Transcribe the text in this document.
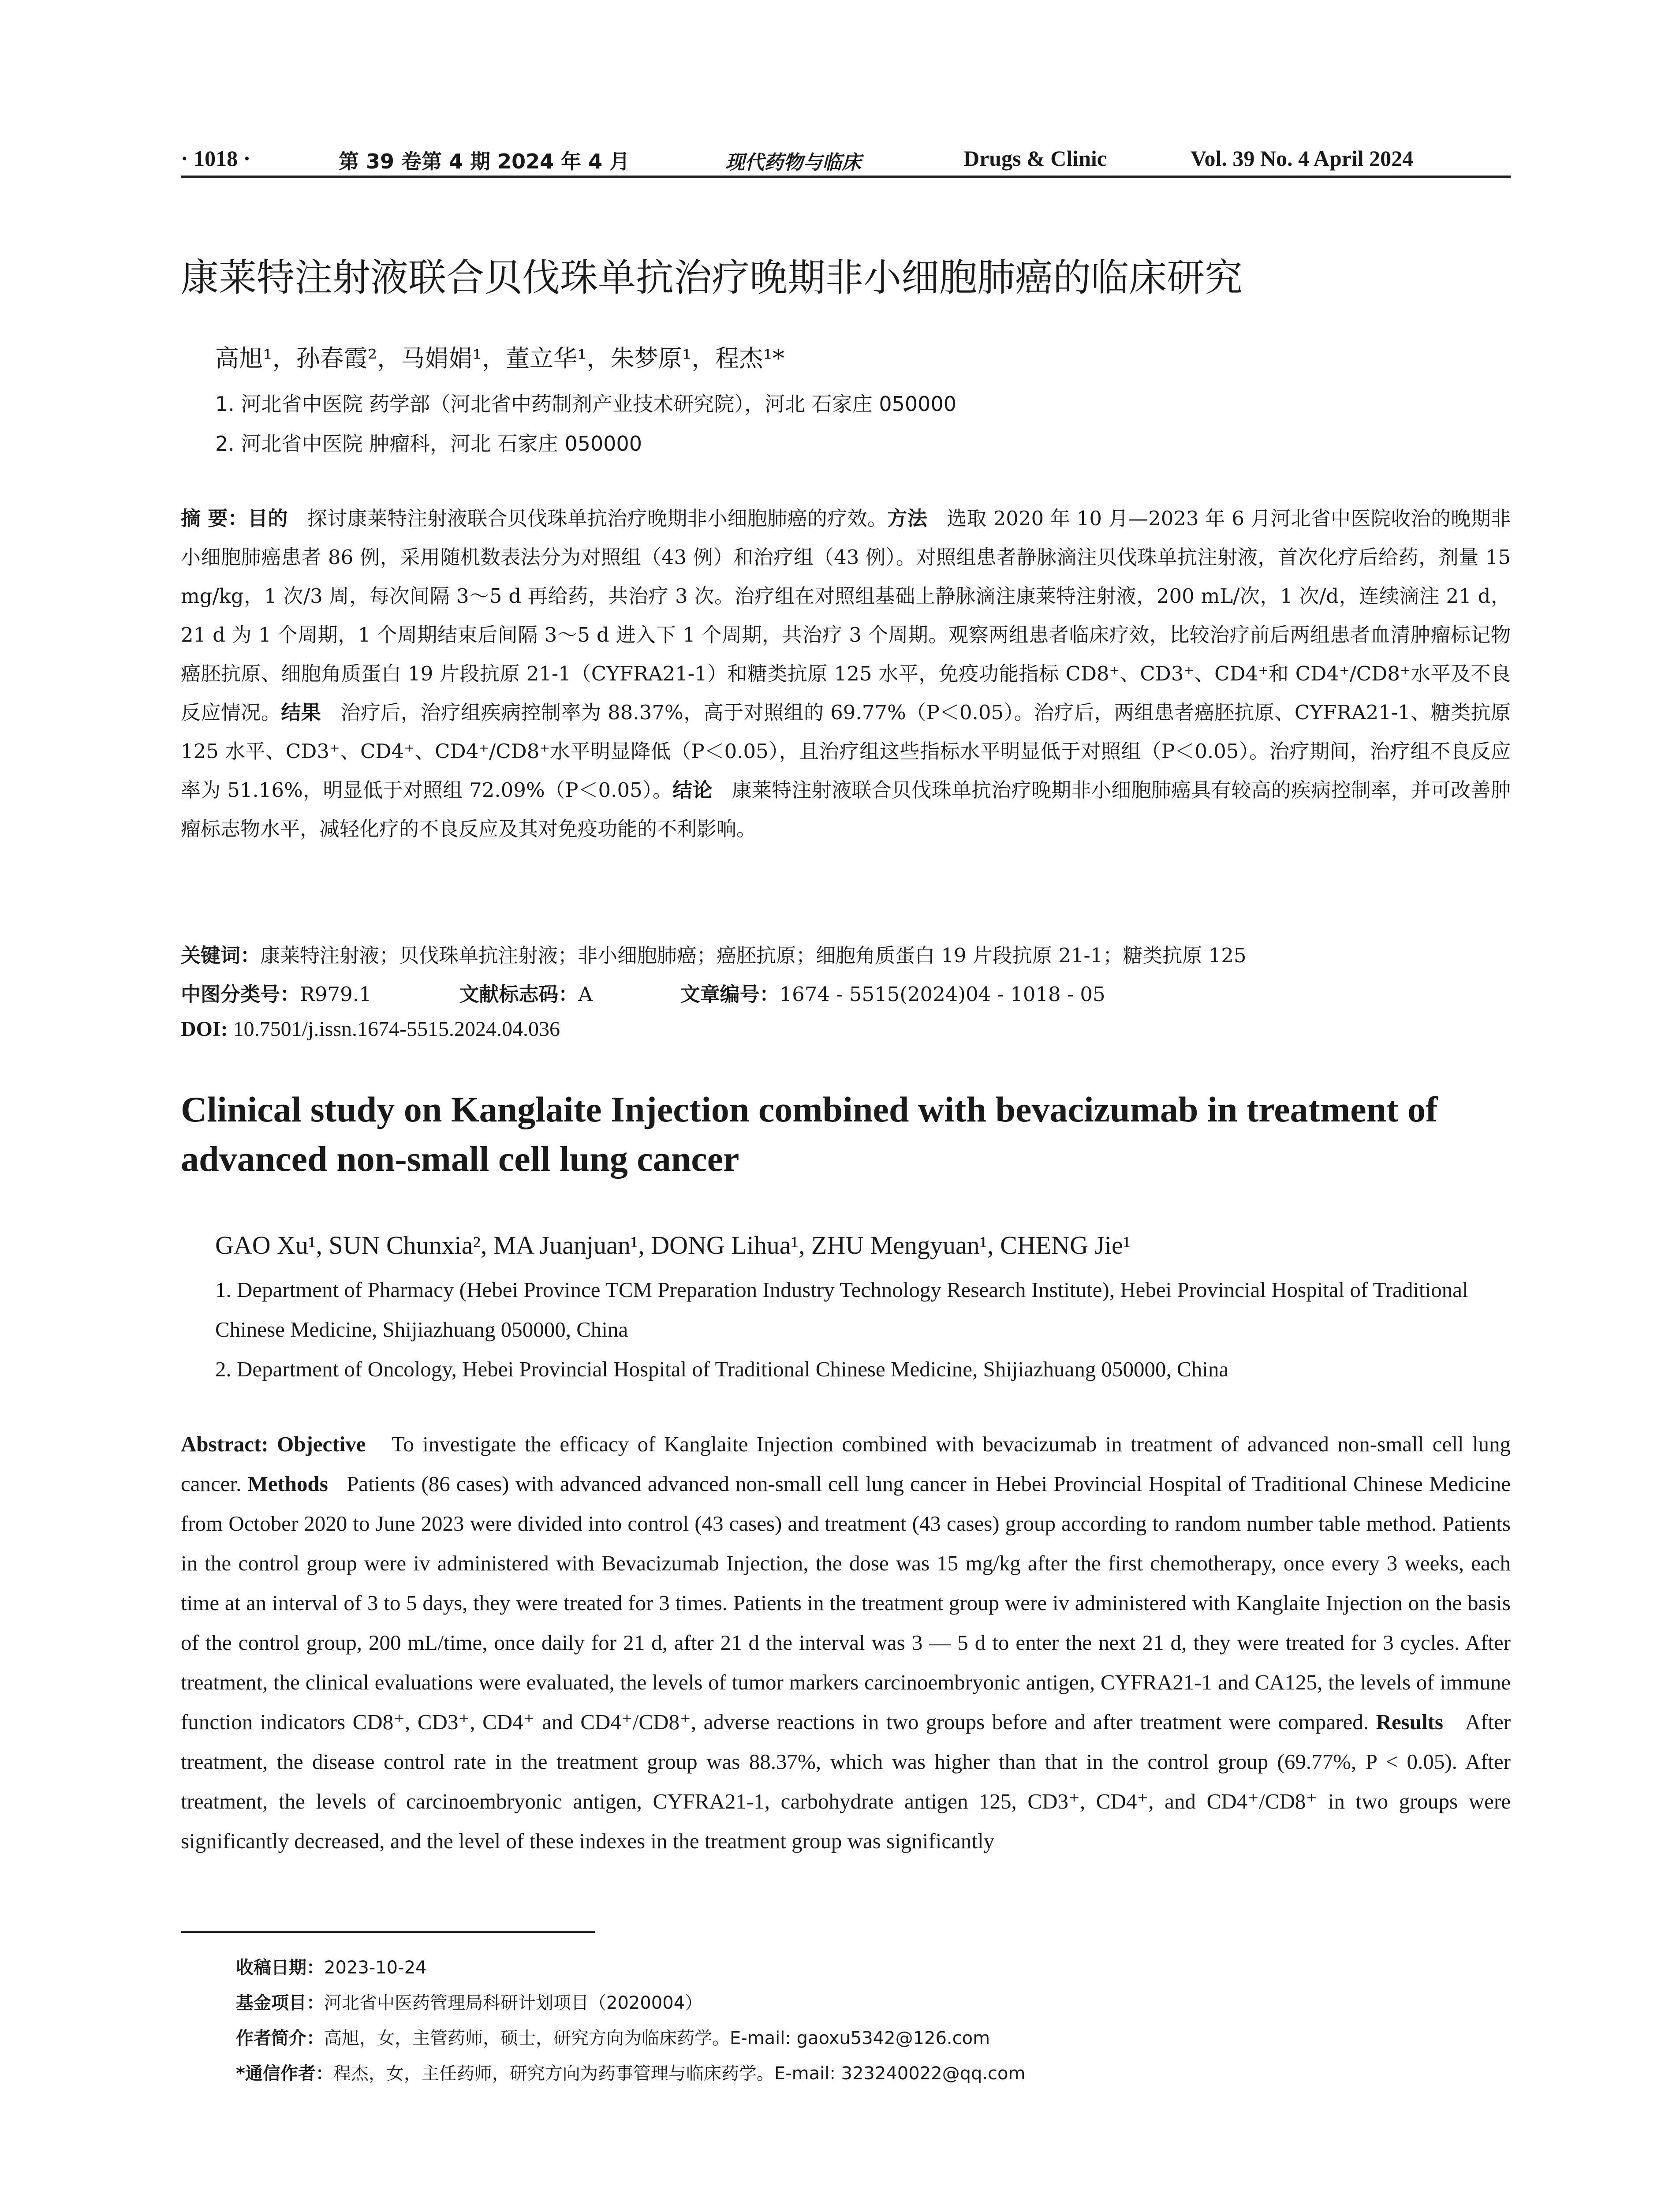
· 1018 ·	第 39 卷第 4 期 2024 年 4 月	现代药物与临床	Drugs & Clinic	Vol. 39 No. 4 April 2024
康莱特注射液联合贝伐珠单抗治疗晚期非小细胞肺癌的临床研究
高旭¹，孙春霞²，马娟娟¹，董立华¹，朱梦原¹，程杰¹*
1. 河北省中医院 药学部（河北省中药制剂产业技术研究院），河北 石家庄 050000
2. 河北省中医院 肿瘤科，河北 石家庄 050000
摘 要：目的 探讨康莱特注射液联合贝伐珠单抗治疗晚期非小细胞肺癌的疗效。方法 选取 2020 年 10 月—2023 年 6 月河北省中医院收治的晚期非小细胞肺癌患者 86 例，采用随机数表法分为对照组（43 例）和治疗组（43 例）。对照组患者静脉滴注贝伐珠单抗注射液，首次化疗后给药，剂量 15 mg/kg，1 次/3 周，每次间隔 3～5 d 再给药，共治疗 3 次。治疗组在对照组基础上静脉滴注康莱特注射液，200 mL/次，1 次/d，连续滴注 21 d，21 d 为 1 个周期，1 个周期结束后间隔 3～5 d 进入下 1 个周期，共治疗 3 个周期。观察两组患者临床疗效，比较治疗前后两组患者血清肿瘤标记物癌胚抗原、细胞角质蛋白 19 片段抗原 21-1（CYFRA21-1）和糖类抗原 125 水平，免疫功能指标 CD8⁺、CD3⁺、CD4⁺和 CD4⁺/CD8⁺水平及不良反应情况。结果 治疗后，治疗组疾病控制率为 88.37%，高于对照组的 69.77%（P＜0.05）。治疗后，两组患者癌胚抗原、CYFRA21-1、糖类抗原 125 水平、CD3⁺、CD4⁺、CD4⁺/CD8⁺水平明显降低（P＜0.05），且治疗组这些指标水平明显低于对照组（P＜0.05）。治疗期间，治疗组不良反应率为 51.16%，明显低于对照组 72.09%（P＜0.05）。结论 康莱特注射液联合贝伐珠单抗治疗晚期非小细胞肺癌具有较高的疾病控制率，并可改善肿瘤标志物水平，减轻化疗的不良反应及其对免疫功能的不利影响。
关键词：康莱特注射液；贝伐珠单抗注射液；非小细胞肺癌；癌胚抗原；细胞角质蛋白 19 片段抗原 21-1；糖类抗原 125
中图分类号：R979.1	文献标志码：A	文章编号：1674 - 5515(2024)04 - 1018 - 05
DOI: 10.7501/j.issn.1674-5515.2024.04.036
Clinical study on Kanglaite Injection combined with bevacizumab in treatment of advanced non-small cell lung cancer
GAO Xu¹, SUN Chunxia², MA Juanjuan¹, DONG Lihua¹, ZHU Mengyuan¹, CHENG Jie¹
1. Department of Pharmacy (Hebei Province TCM Preparation Industry Technology Research Institute), Hebei Provincial Hospital of Traditional Chinese Medicine, Shijiazhuang 050000, China
2. Department of Oncology, Hebei Provincial Hospital of Traditional Chinese Medicine, Shijiazhuang 050000, China
Abstract: Objective To investigate the efficacy of Kanglaite Injection combined with bevacizumab in treatment of advanced non-small cell lung cancer. Methods Patients (86 cases) with advanced advanced non-small cell lung cancer in Hebei Provincial Hospital of Traditional Chinese Medicine from October 2020 to June 2023 were divided into control (43 cases) and treatment (43 cases) group according to random number table method. Patients in the control group were iv administered with Bevacizumab Injection, the dose was 15 mg/kg after the first chemotherapy, once every 3 weeks, each time at an interval of 3 to 5 days, they were treated for 3 times. Patients in the treatment group were iv administered with Kanglaite Injection on the basis of the control group, 200 mL/time, once daily for 21 d, after 21 d the interval was 3 — 5 d to enter the next 21 d, they were treated for 3 cycles. After treatment, the clinical evaluations were evaluated, the levels of tumor markers carcinoembryonic antigen, CYFRA21-1 and CA125, the levels of immune function indicators CD8⁺, CD3⁺, CD4⁺ and CD4⁺/CD8⁺, adverse reactions in two groups before and after treatment were compared. Results After treatment, the disease control rate in the treatment group was 88.37%, which was higher than that in the control group (69.77%, P < 0.05). After treatment, the levels of carcinoembryonic antigen, CYFRA21-1, carbohydrate antigen 125, CD3⁺, CD4⁺, and CD4⁺/CD8⁺ in two groups were significantly decreased, and the level of these indexes in the treatment group was significantly
收稿日期：2023-10-24
基金项目：河北省中医药管理局科研计划项目（2020004）
作者简介：高旭，女，主管药师，硕士，研究方向为临床药学。E-mail: gaoxu5342@126.com
*通信作者：程杰，女，主任药师，研究方向为药事管理与临床药学。E-mail: 323240022@qq.com
